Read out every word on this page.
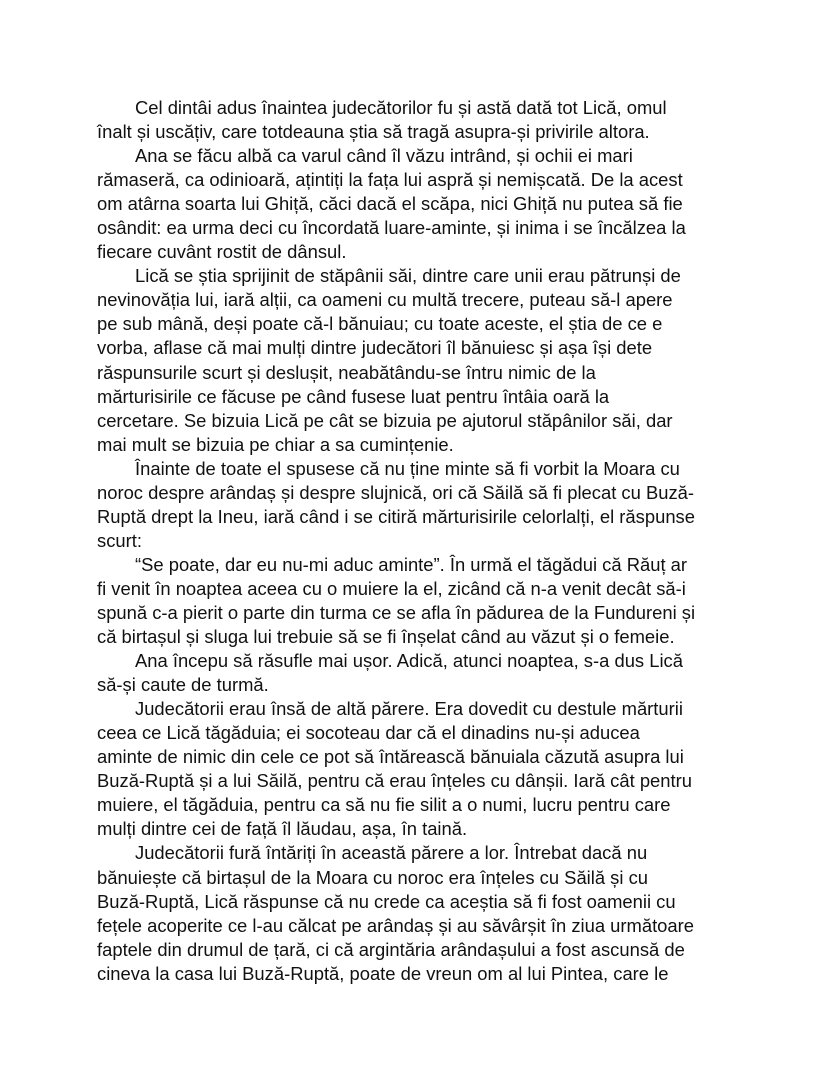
Cel dintâi adus înaintea judecătorilor fu și astă dată tot Lică, omul
înalt și uscățiv, care totdeauna știa să tragă asupra-și privirile altora.
Ana se făcu albă ca varul când îl văzu intrând, și ochii ei mari
rămaseră, ca odinioară, ațintiți la fața lui aspră și nemișcată. De la acest
om atârna soarta lui Ghiță, căci dacă el scăpa, nici Ghiță nu putea să fie
osândit: ea urma deci cu încordată luare-aminte, și inima i se încălzea la
fiecare cuvânt rostit de dânsul.
Lică se știa sprijinit de stăpânii săi, dintre care unii erau pătrunși de
nevinovăția lui, iară alții, ca oameni cu multă trecere, puteau să-l apere
pe sub mână, deși poate că-l bănuiau; cu toate aceste, el știa de ce e
vorba, aflase că mai mulți dintre judecători îl bănuiesc și așa își dete
răspunsurile scurt și deslușit, neabătându-se întru nimic de la
mărturisirile ce făcuse pe când fusese luat pentru întâia oară la
cercetare. Se bizuia Lică pe cât se bizuia pe ajutorul stăpânilor săi, dar
mai mult se bizuia pe chiar a sa cumințenie.
Înainte de toate el spusese că nu ține minte să fi vorbit la Moara cu
noroc despre arândaș și despre slujnică, ori că Săilă să fi plecat cu Buză-
Ruptă drept la Ineu, iară când i se citiră mărturisirile celorlalți, el răspunse
scurt:
“Se poate, dar eu nu-mi aduc aminte”. În urmă el tăgădui că Răuț ar
fi venit în noaptea aceea cu o muiere la el, zicând că n-a venit decât să-i
spună c-a pierit o parte din turma ce se afla în pădurea de la Fundureni și
că birtașul și sluga lui trebuie să se fi înșelat când au văzut și o femeie.
Ana începu să răsufle mai ușor. Adică, atunci noaptea, s-a dus Lică
să-și caute de turmă.
Judecătorii erau însă de altă părere. Era dovedit cu destule mărturii
ceea ce Lică tăgăduia; ei socoteau dar că el dinadins nu-și aducea
aminte de nimic din cele ce pot să întărească bănuiala căzută asupra lui
Buză-Ruptă și a lui Săilă, pentru că erau înțeles cu dânșii. Iară cât pentru
muiere, el tăgăduia, pentru ca să nu fie silit a o numi, lucru pentru care
mulți dintre cei de față îl lăudau, așa, în taină.
Judecătorii fură întăriți în această părere a lor. Întrebat dacă nu
bănuiește că birtașul de la Moara cu noroc era înțeles cu Săilă și cu
Buză-Ruptă, Lică răspunse că nu crede ca aceștia să fi fost oamenii cu
fețele acoperite ce l-au călcat pe arândaș și au săvârșit în ziua următoare
faptele din drumul de țară, ci că argintăria arândașului a fost ascunsă de
cineva la casa lui Buză-Ruptă, poate de vreun om al lui Pintea, care le
